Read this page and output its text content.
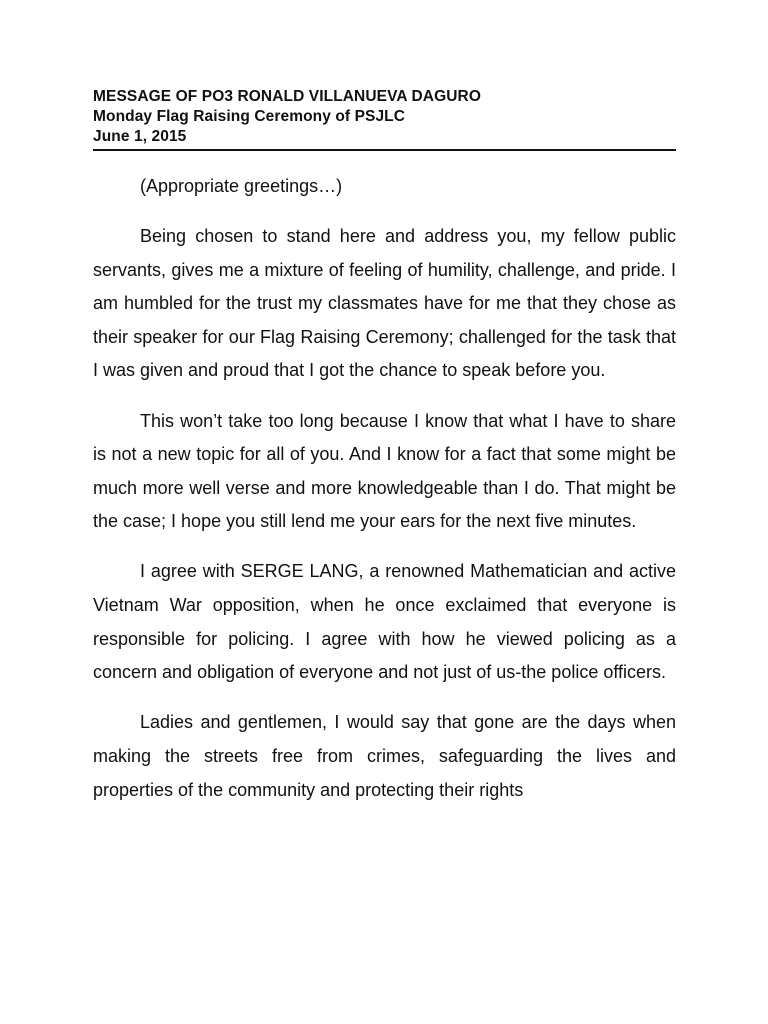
MESSAGE OF PO3 RONALD VILLANUEVA DAGURO
Monday Flag Raising Ceremony of PSJLC
June 1, 2015

(Appropriate greetings…)

Being chosen to stand here and address you, my fellow public servants, gives me a mixture of feeling of humility, challenge, and pride. I am humbled for the trust my classmates have for me that they chose as their speaker for our Flag Raising Ceremony; challenged for the task that I was given and proud that I got the chance to speak before you.

This won’t take too long because I know that what I have to share is not a new topic for all of you. And I know for a fact that some might be much more well verse and more knowledgeable than I do. That might be the case; I hope you still lend me your ears for the next five minutes.

I agree with SERGE LANG, a renowned Mathematician and active Vietnam War opposition, when he once exclaimed that everyone is responsible for policing. I agree with how he viewed policing as a concern and obligation of everyone and not just of us-the police officers.

Ladies and gentlemen, I would say that gone are the days when making the streets free from crimes, safeguarding the lives and properties of the community and protecting their rights
